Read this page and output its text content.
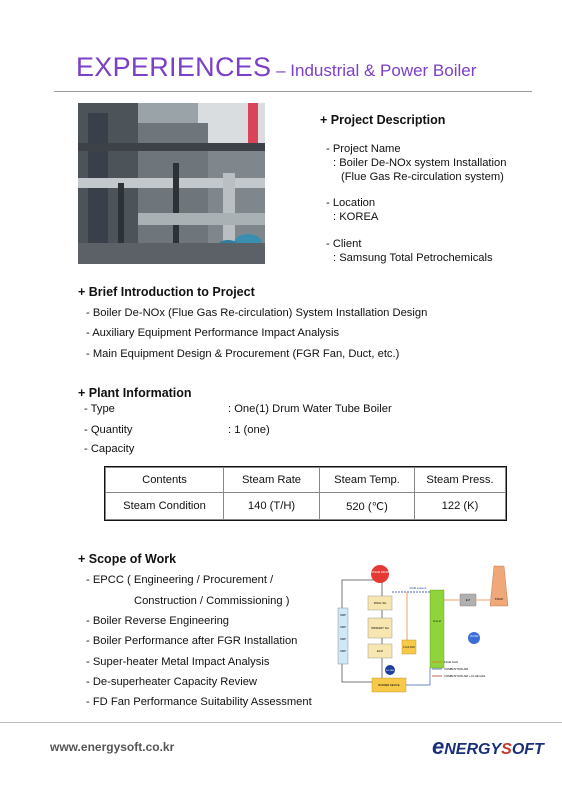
EXPERIENCES – Industrial & Power Boiler
+ Project Description
- Project Name
: Boiler De-NOx system Installation
(Flue Gas Re-circulation system)
- Location
: KOREA
- Client
: Samsung Total Petrochemicals
+ Brief Introduction to Project
- Boiler De-NOx (Flue Gas Re-circulation) System Installation Design
- Auxiliary Equipment Performance Impact Analysis
- Main Equipment Design & Procurement (FGR Fan, Duct, etc.)
+ Plant Information
- Type	: One(1) Drum Water Tube Boiler
- Quantity	: 1 (one)
- Capacity
Contents	Steam Rate	Steam Temp.	Steam Press.
Steam Condition	140 (T/H)	520 (℃)	122 (K)
+ Scope of Work
- EPCC ( Engineering / Procurement /
Construction / Commissioning )
- Boiler Reverse Engineering
- Boiler Performance after FGR Installation
- Super-heater Metal Impact Analysis
- De-superheater Capacity Review
- FD Fan Performance Suitability Assessment
STEAM DRUM
SWP
SWP
SWP
SWP
FINAL SH
PRIMARY SH
ECO
FGR system
G.A.H
E.P	STACK
I.D FAN
F.G.R FAN
F.D FAN
BURNER DEVICE
FLUE GAS
COMBUSTION AIR
COMBUSTION AIR + FLUE GAS
www.energysoft.co.kr	eNERGYSOFT
